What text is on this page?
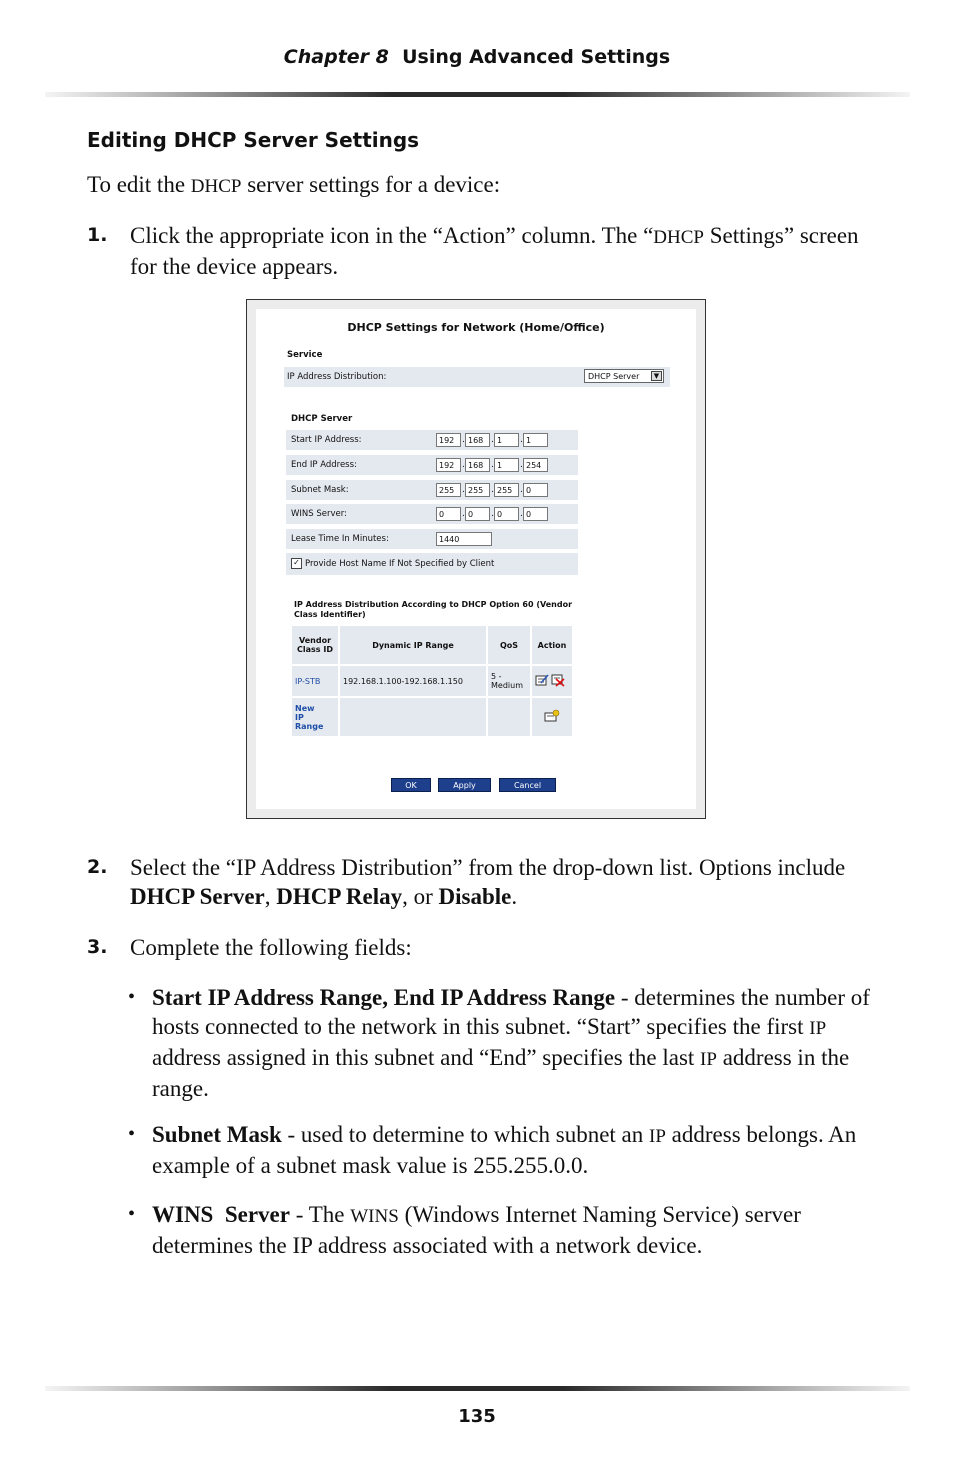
Chapter 8 Using Advanced Settings
Editing DHCP Server Settings

To edit the DHCP server settings for a device:

1. Click the appropriate icon in the “Action” column. The “DHCP Settings” screen for the device appears.

DHCP Settings for Network (Home/Office)
Service
IP Address Distribution:	DHCP Server	▼
DHCP Server
Start IP Address:	192 . 168 . 1	. 1
End IP Address:	192 . 168 . 1	. 254
Subnet Mask:	255 . 255 . 255 . 0
WINS Server:	0	. 0	. 0	. 0
Lease Time In Minutes:	1440
✓ Provide Host Name If Not Specified by Client
IP Address Distribution According to DHCP Option 60 (Vendor Class Identifier)
Vendor Class ID	Dynamic IP Range	QoS	Action
IP-STB	192.168.1.100-192.168.1.150	5 - Medium	

New IP Range

OK	Apply	Cancel
2. Select the “IP Address Distribution” from the drop-down list. Options include DHCP Server, DHCP Relay, or Disable.

3. Complete the following fields:

• Start IP Address Range, End IP Address Range - determines the number of hosts connected to the network in this subnet. “Start” specifies the first IP address assigned in this subnet and “End” specifies the last IP address in the range.

• Subnet Mask - used to determine to which subnet an IP address belongs. An example of a subnet mask value is 255.255.0.0.

• WINS  Server - The WINS (Windows Internet Naming Service) server determines the IP address associated with a network device.

135
